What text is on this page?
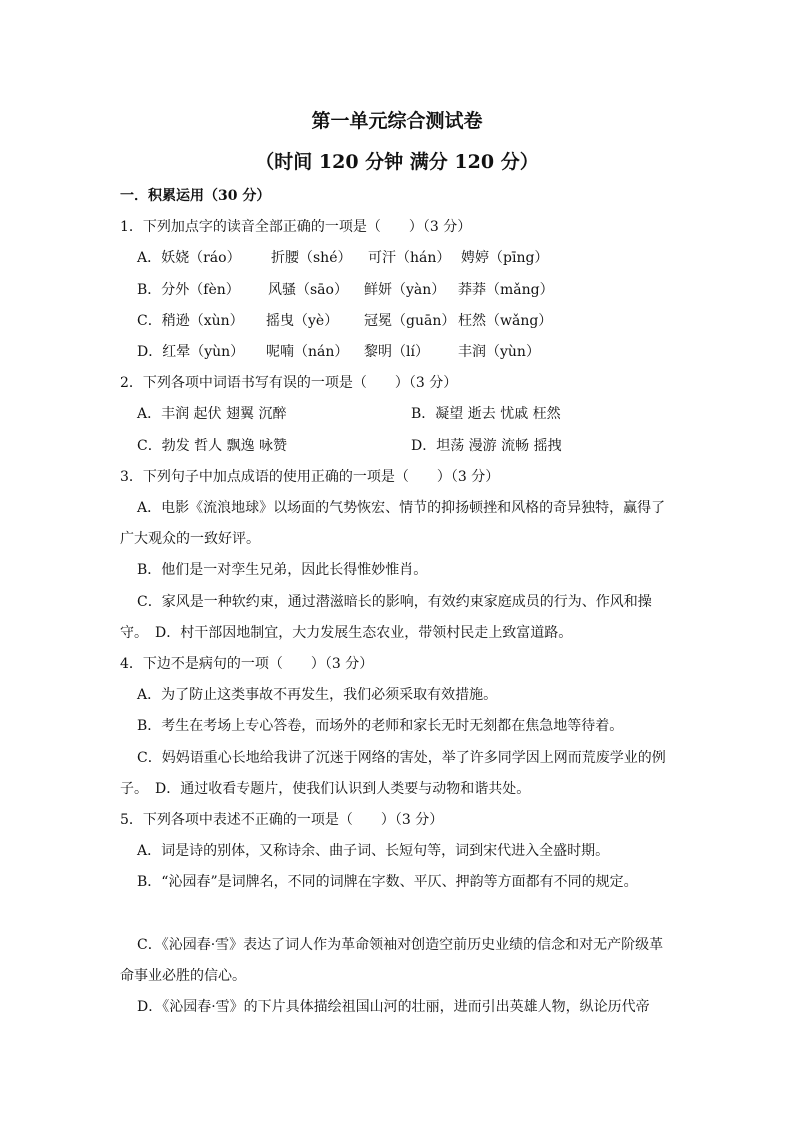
第一单元综合测试卷
（时间 120 分钟 满分 120 分）
一．积累运用（30 分）
1．下列加点字的读音全部正确的一项是（　　）（3 分）
A．妖娆（ráo） 折腰（shé） 可汗（hán） 娉婷（pīng）
B．分外（fèn） 风骚（sāo） 鲜妍（yàn） 莽莽（mǎng）
C．稍逊（xùn） 摇曳（yè） 冠冕（guān） 枉然（wǎng）
D．红晕（yùn） 呢喃（nán） 黎明（lí） 丰润（yùn）
2．下列各项中词语书写有误的一项是（　　）（3 分）
A．丰润 起伏 翅翼 沉醉	B．凝望 逝去 忧戚 枉然
C．勃发 哲人 飘逸 咏赞	D．坦荡 漫游 流畅 摇拽
3．下列句子中加点成语的使用正确的一项是（　　）（3 分）
A．电影《流浪地球》以场面的气势恢宏、情节的抑扬顿挫和风格的奇异独特，赢得了
广大观众的一致好评。
B．他们是一对孪生兄弟，因此长得惟妙惟肖。
C．家风是一种软约束，通过潜滋暗长的影响，有效约束家庭成员的行为、作风和操
守。　D．村干部因地制宜，大力发展生态农业，带领村民走上致富道路。
4．下边不是病句的一项（　　）（3 分）
A．为了防止这类事故不再发生，我们必须采取有效措施。
B．考生在考场上专心答卷，而场外的老师和家长无时无刻都在焦急地等待着。
C．妈妈语重心长地给我讲了沉迷于网络的害处，举了许多同学因上网而荒废学业的例
子。　D．通过收看专题片，使我们认识到人类要与动物和谐共处。
5．下列各项中表述不正确的一项是（　　）（3 分）
A．词是诗的别体，又称诗余、曲子词、长短句等，词到宋代进入全盛时期。
B．“沁园春”是词牌名，不同的词牌在字数、平仄、押韵等方面都有不同的规定。
C．《沁园春·雪》表达了词人作为革命领袖对创造空前历史业绩的信念和对无产阶级革
命事业必胜的信心。
D．《沁园春·雪》的下片具体描绘祖国山河的壮丽，进而引出英雄人物，纵论历代帝
